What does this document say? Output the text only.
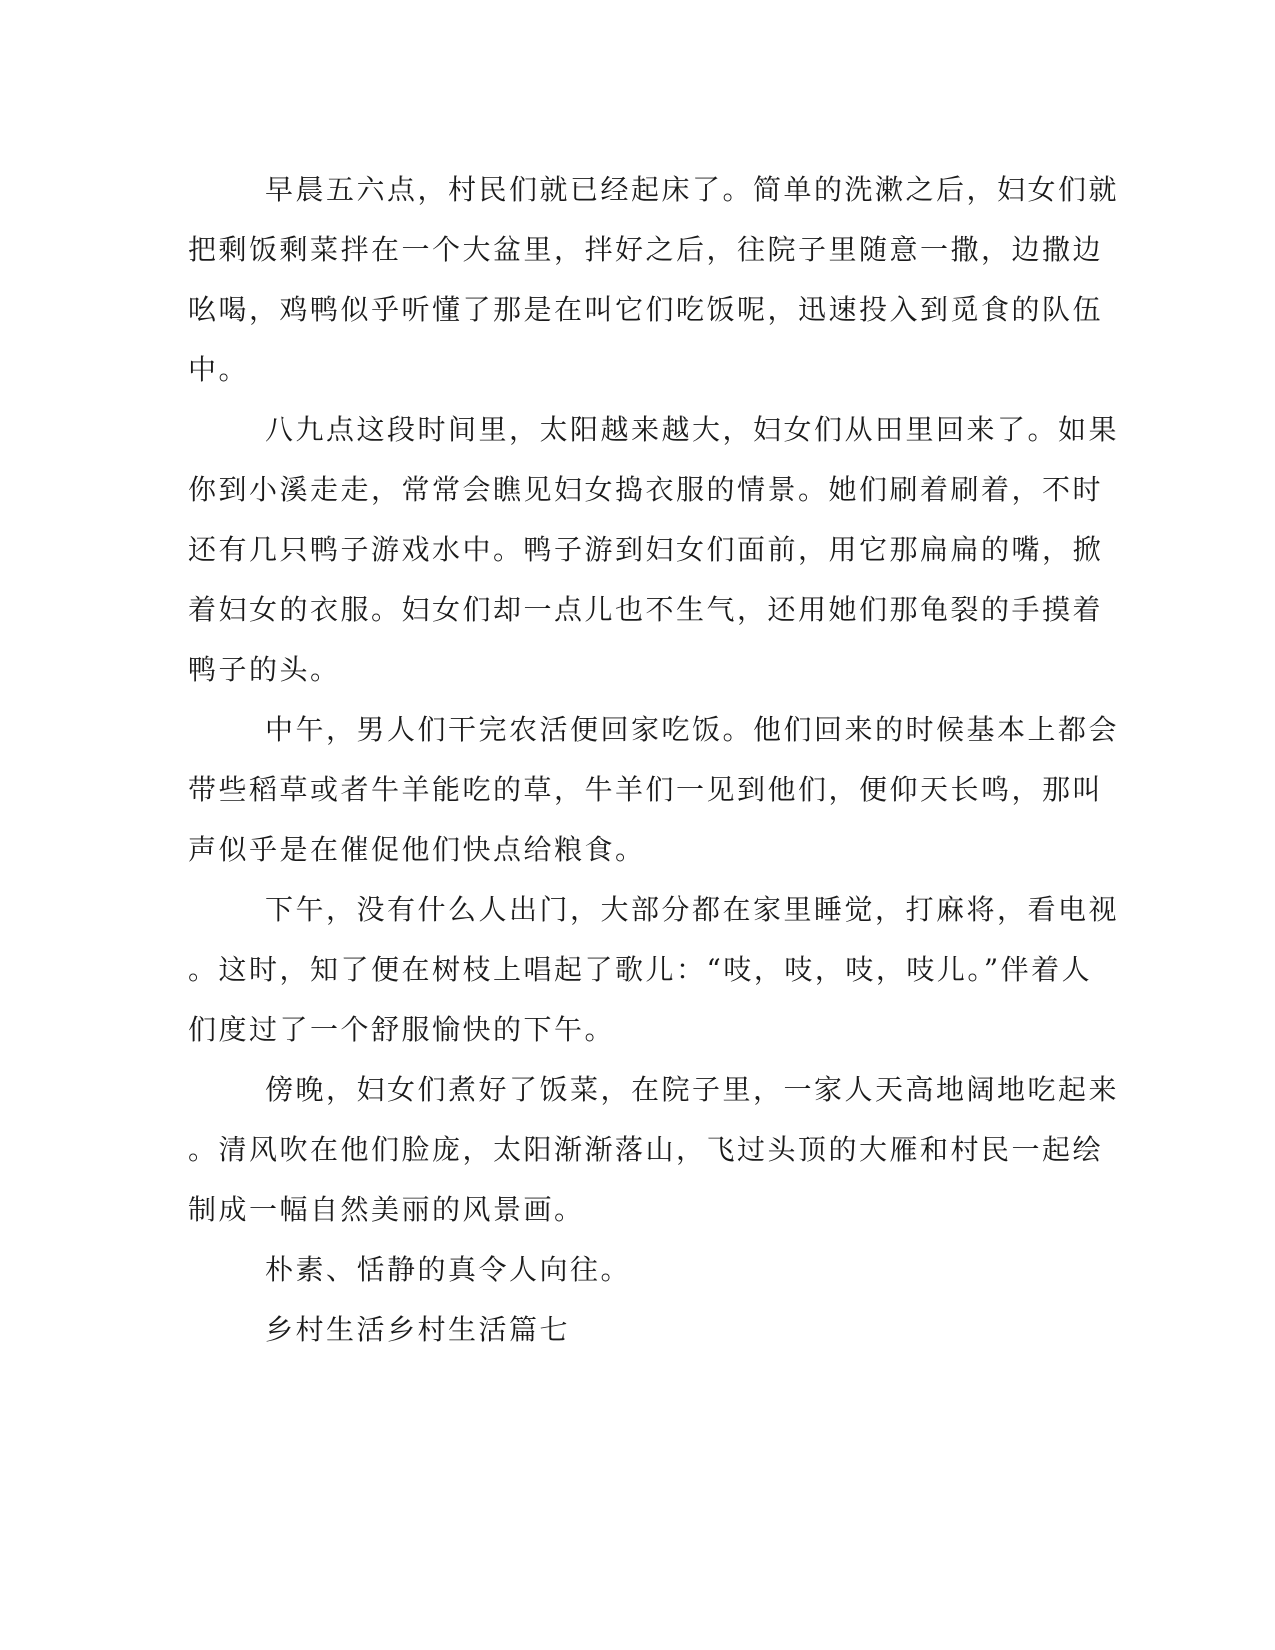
早晨五六点，村民们就已经起床了。简单的洗漱之后，妇女们就
把剩饭剩菜拌在一个大盆里，拌好之后，往院子里随意一撒，边撒边
吆喝，鸡鸭似乎听懂了那是在叫它们吃饭呢，迅速投入到觅食的队伍
中。
八九点这段时间里，太阳越来越大，妇女们从田里回来了。如果
你到小溪走走，常常会瞧见妇女捣衣服的情景。她们刷着刷着，不时
还有几只鸭子游戏水中。鸭子游到妇女们面前，用它那扁扁的嘴，掀
着妇女的衣服。妇女们却一点儿也不生气，还用她们那龟裂的手摸着
鸭子的头。
中午，男人们干完农活便回家吃饭。他们回来的时候基本上都会
带些稻草或者牛羊能吃的草，牛羊们一见到他们，便仰天长鸣，那叫
声似乎是在催促他们快点给粮食。
下午，没有什么人出门，大部分都在家里睡觉，打麻将，看电视
。这时，知了便在树枝上唱起了歌儿：“吱，吱，吱，吱儿。”伴着人
们度过了一个舒服愉快的下午。
傍晚，妇女们煮好了饭菜，在院子里，一家人天高地阔地吃起来
。清风吹在他们脸庞，太阳渐渐落山，飞过头顶的大雁和村民一起绘
制成一幅自然美丽的风景画。
朴素、恬静的真令人向往。
乡村生活乡村生活篇七
